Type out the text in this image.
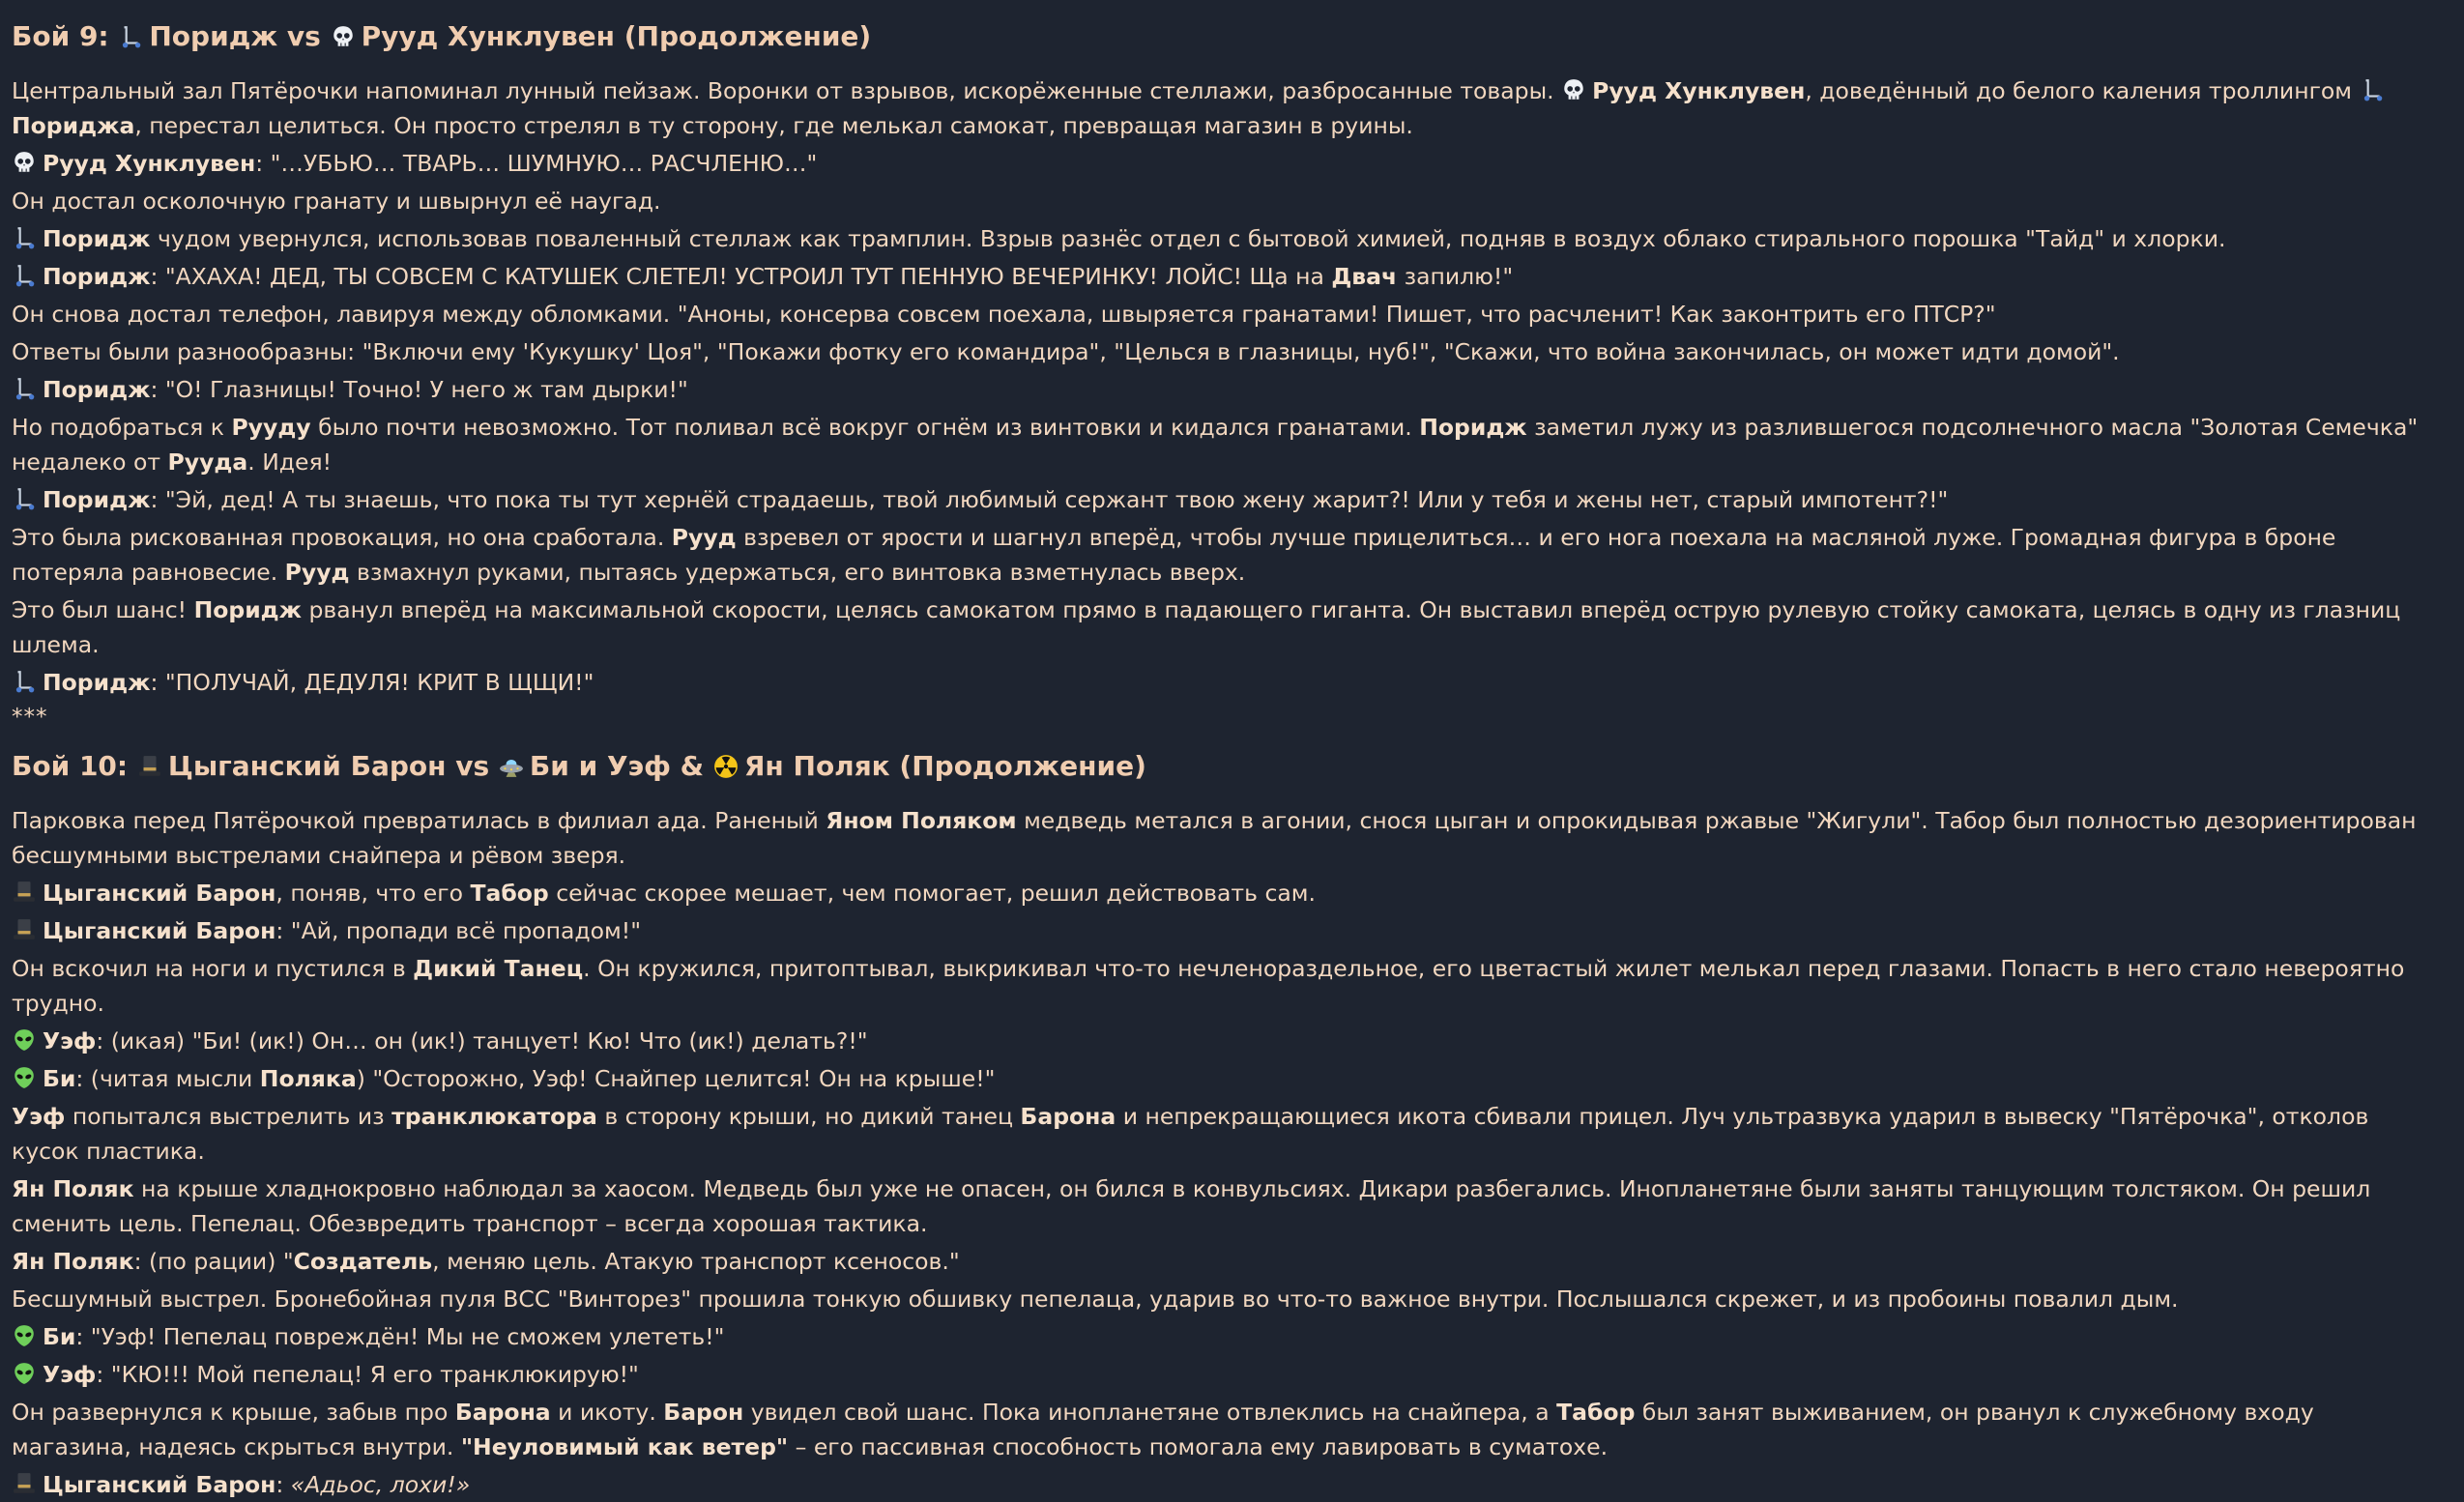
Бой 9: Поридж vs Рууд Хунклувен (Продолжение)

Центральный зал Пятёрочки напоминал лунный пейзаж. Воронки от взрывов, искорёженные стеллажи, разбросанные товары. Рууд Хунклувен, доведённый до белого каления троллингом
Пориджа, перестал целиться. Он просто стрелял в ту сторону, где мелькал самокат, превращая магазин в руины.

Рууд Хунклувен: "…УБЬЮ… ТВАРЬ… ШУМНУЮ… РАСЧЛЕНЮ…"

Он достал осколочную гранату и швырнул её наугад.

Поридж чудом увернулся, использовав поваленный стеллаж как трамплин. Взрыв разнёс отдел с бытовой химией, подняв в воздух облако стирального порошка "Тайд" и хлорки.

Поридж: "АХАХА! ДЕД, ТЫ СОВСЕМ С КАТУШЕК СЛЕТЕЛ! УСТРОИЛ ТУТ ПЕННУЮ ВЕЧЕРИНКУ! ЛОЙС! Ща на Двач запилю!"

Он снова достал телефон, лавируя между обломками. "Аноны, консерва совсем поехала, швыряется гранатами! Пишет, что расчленит! Как законтрить его ПТСР?"

Ответы были разнообразны: "Включи ему 'Кукушку' Цоя", "Покажи фотку его командира", "Целься в глазницы, нуб!", "Скажи, что война закончилась, он может идти домой".

Поридж: "О! Глазницы! Точно! У него ж там дырки!"

Но подобраться к Рууду было почти невозможно. Тот поливал всё вокруг огнём из винтовки и кидался гранатами. Поридж заметил лужу из разлившегося подсолнечного масла "Золотая Семечка" недалеко от Рууда. Идея!

Поридж: "Эй, дед! А ты знаешь, что пока ты тут хернёй страдаешь, твой любимый сержант твою жену жарит?! Или у тебя и жены нет, старый импотент?!"

Это была рискованная провокация, но она сработала. Рууд взревел от ярости и шагнул вперёд, чтобы лучше прицелиться… и его нога поехала на масляной луже. Громадная фигура в броне потеряла равновесие. Рууд взмахнул руками, пытаясь удержаться, его винтовка взметнулась вверх.

Это был шанс! Поридж рванул вперёд на максимальной скорости, целясь самокатом прямо в падающего гиганта. Он выставил вперёд острую рулевую стойку самоката, целясь в одну из глазниц шлема.

Поридж: "ПОЛУЧАЙ, ДЕДУЛЯ! КРИТ В ЩЩИ!"

***

Бой 10: Цыганский Барон vs Би и Уэф & Ян Поляк (Продолжение)

Парковка перед Пятёрочкой превратилась в филиал ада. Раненый Яном Поляком медведь метался в агонии, снося цыган и опрокидывая ржавые "Жигули". Табор был полностью дезориентирован бесшумными выстрелами снайпера и рёвом зверя.

Цыганский Барон, поняв, что его Табор сейчас скорее мешает, чем помогает, решил действовать сам.

Цыганский Барон: "Ай, пропади всё пропадом!"

Он вскочил на ноги и пустился в Дикий Танец. Он кружился, притоптывал, выкрикивал что-то нечленораздельное, его цветастый жилет мелькал перед глазами. Попасть в него стало невероятно трудно.

Уэф: (икая) "Би! (ик!) Он… он (ик!) танцует! Кю! Что (ик!) делать?!"

Би: (читая мысли Поляка) "Осторожно, Уэф! Снайпер целится! Он на крыше!"

Уэф попытался выстрелить из транклюкатора в сторону крыши, но дикий танец Барона и непрекращающиеся икота сбивали прицел. Луч ультразвука ударил в вывеску "Пятёрочка", отколов кусок пластика.

Ян Поляк на крыше хладнокровно наблюдал за хаосом. Медведь был уже не опасен, он бился в конвульсиях. Дикари разбегались. Инопланетяне были заняты танцующим толстяком. Он решил сменить цель. Пепелац. Обезвредить транспорт – всегда хорошая тактика.

Ян Поляк: (по рации) "Создатель, меняю цель. Атакую транспорт ксеносов."

Бесшумный выстрел. Бронебойная пуля ВСС "Винторез" прошила тонкую обшивку пепелаца, ударив во что-то важное внутри. Послышался скрежет, и из пробоины повалил дым.

Би: "Уэф! Пепелац повреждён! Мы не сможем улететь!"

Уэф: "КЮ!!! Мой пепелац! Я его транклюкирую!"

Он развернулся к крыше, забыв про Барона и икоту. Барон увидел свой шанс. Пока инопланетяне отвлеклись на снайпера, а Табор был занят выживанием, он рванул к служебному входу магазина, надеясь скрыться внутри. "Неуловимый как ветер" – его пассивная способность помогала ему лавировать в суматохе.

Цыганский Барон: «Адьос, лохи!»
